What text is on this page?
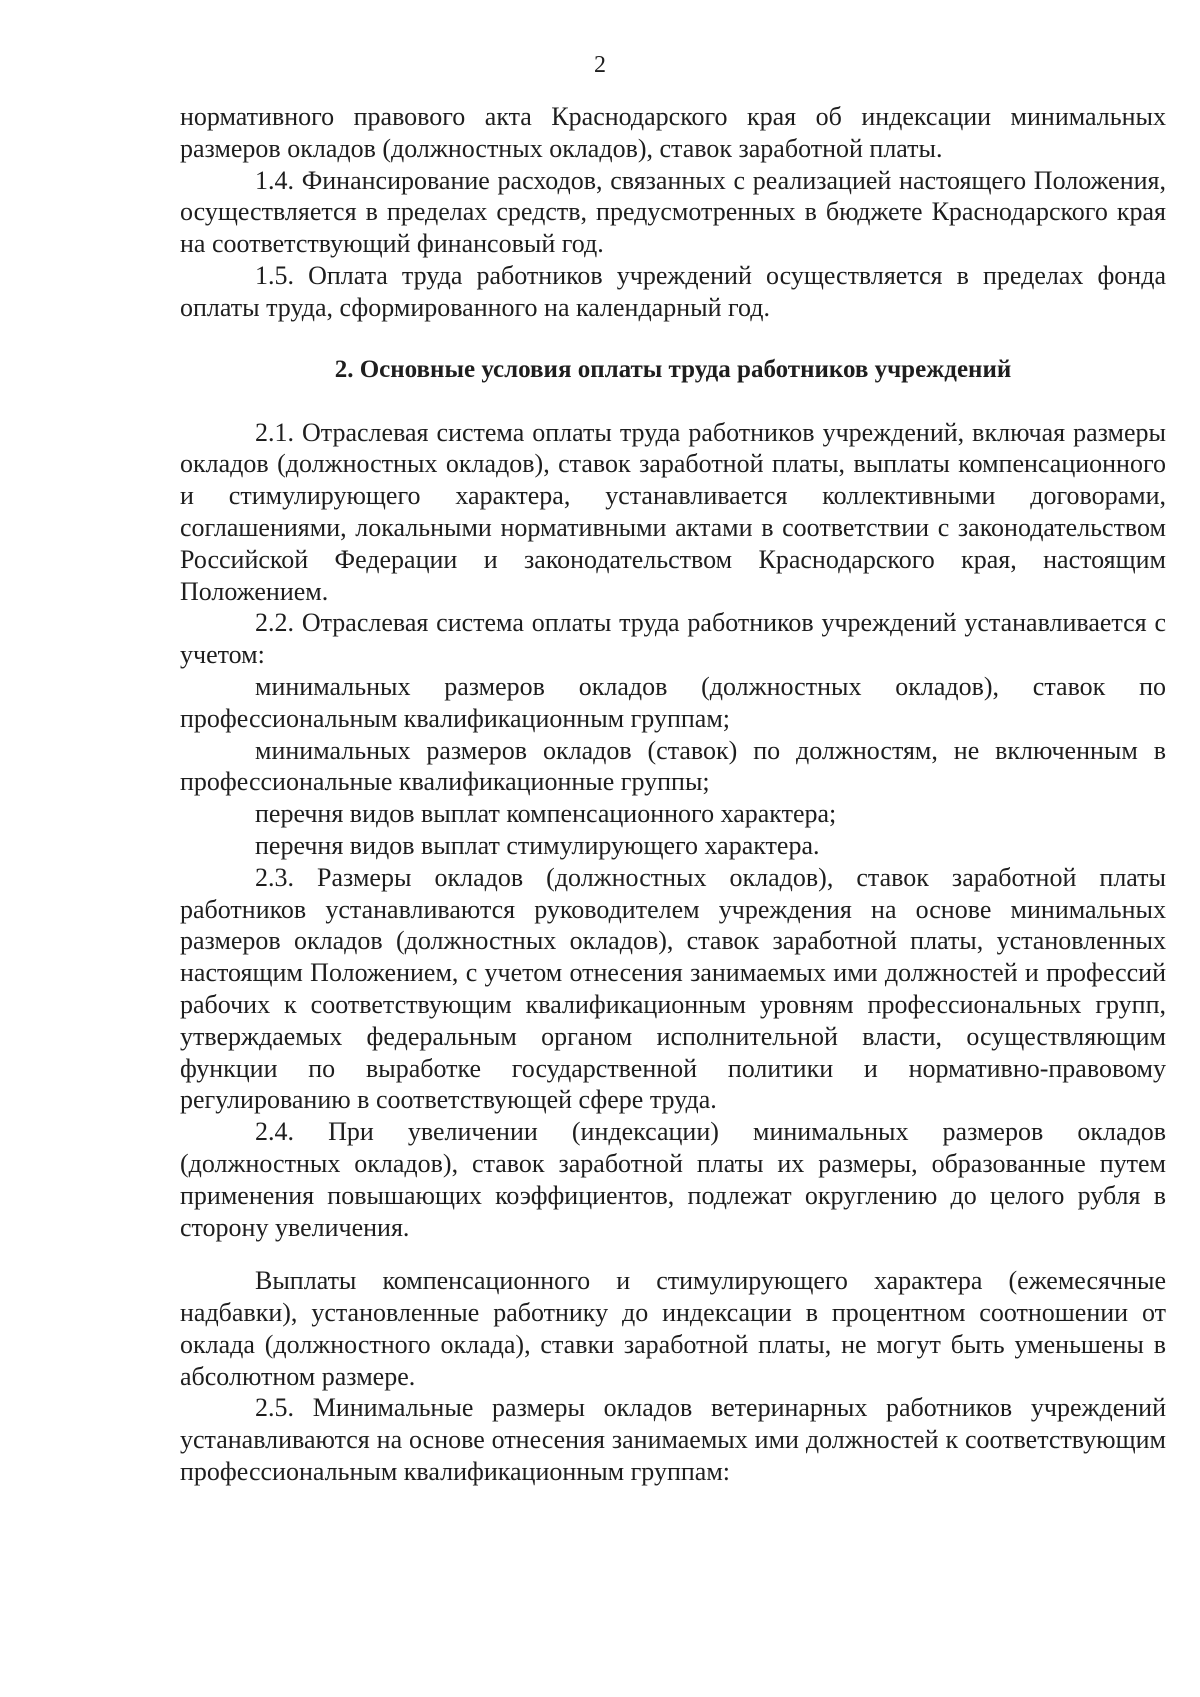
2

нормативного правового акта Краснодарского края об индексации минимальных размеров окладов (должностных окладов), ставок заработной платы.

1.4. Финансирование расходов, связанных с реализацией настоящего Положения, осуществляется в пределах средств, предусмотренных в бюджете Краснодарского края на соответствующий финансовый год.

1.5. Оплата труда работников учреждений осуществляется в пределах фонда оплаты труда, сформированного на календарный год.

2. Основные условия оплаты труда работников учреждений

2.1. Отраслевая система оплаты труда работников учреждений, включая размеры окладов (должностных окладов), ставок заработной платы, выплаты компенсационного и стимулирующего характера, устанавливается коллективными договорами, соглашениями, локальными нормативными актами в соответствии с законодательством Российской Федерации и законодательством Краснодарского края, настоящим Положением.

2.2. Отраслевая система оплаты труда работников учреждений устанавливается с учетом:

минимальных размеров окладов (должностных окладов), ставок по профессиональным квалификационным группам;

минимальных размеров окладов (ставок) по должностям, не включенным в профессиональные квалификационные группы;

перечня видов выплат компенсационного характера;

перечня видов выплат стимулирующего характера.

2.3. Размеры окладов (должностных окладов), ставок заработной платы работников устанавливаются руководителем учреждения на основе минимальных размеров окладов (должностных окладов), ставок заработной платы, установленных настоящим Положением, с учетом отнесения занимаемых ими должностей и профессий рабочих к соответствующим квалификационным уровням профессиональных групп, утверждаемых федеральным органом исполнительной власти, осуществляющим функции по выработке государственной политики и нормативно-правовому регулированию в соответствующей сфере труда.

2.4. При увеличении (индексации) минимальных размеров окладов (должностных окладов), ставок заработной платы их размеры, образованные путем применения повышающих коэффициентов, подлежат округлению до целого рубля в сторону увеличения.

Выплаты компенсационного и стимулирующего характера (ежемесячные надбавки), установленные работнику до индексации в процентном соотношении от оклада (должностного оклада), ставки заработной платы, не могут быть уменьшены в абсолютном размере.

2.5. Минимальные размеры окладов ветеринарных работников учреждений устанавливаются на основе отнесения занимаемых ими должностей к соответствующим профессиональным квалификационным группам:
